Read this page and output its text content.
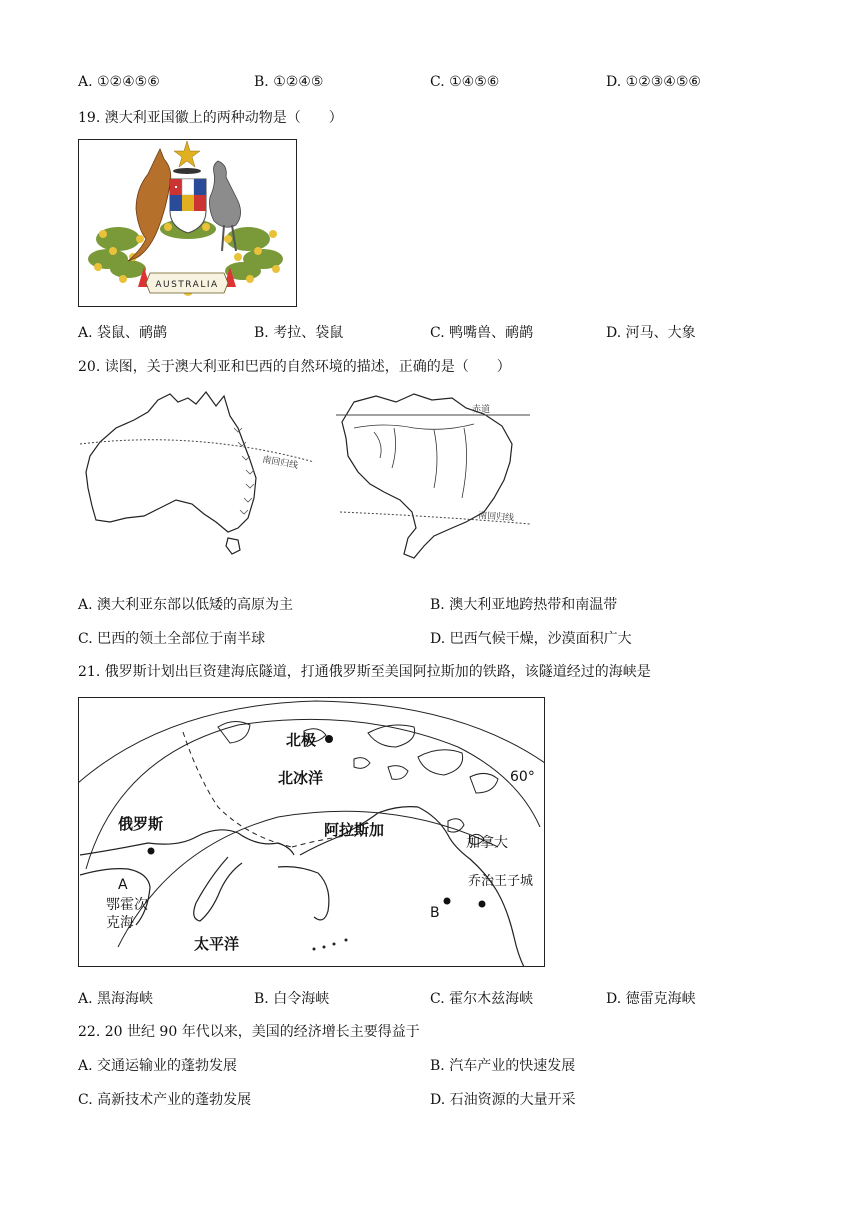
A. ①②④⑤⑥	B. ①②④⑤	C. ①④⑤⑥	D. ①②③④⑤⑥
19. 澳大利亚国徽上的两种动物是（　　）
AUSTRALIA
A. 袋鼠、鸸鹋	B. 考拉、袋鼠	C. 鸭嘴兽、鸸鹋	D. 河马、大象
20. 读图，关于澳大利亚和巴西的自然环境的描述，正确的是（　　）
南回归线
赤道
南回归线
A. 澳大利亚东部以低矮的高原为主	B. 澳大利亚地跨热带和南温带
C. 巴西的领土全部位于南半球	D. 巴西气候干燥，沙漠面积广大
21. 俄罗斯计划出巨资建海底隧道，打通俄罗斯至美国阿拉斯加的铁路，该隧道经过的海峡是
北极
北冰洋
俄罗斯	阿拉斯加
加拿大
乔治王子城
A
B
鄂霍次
克海
太平洋
60°
A. 黑海海峡	B. 白令海峡	C. 霍尔木兹海峡	D. 德雷克海峡
22. 20 世纪 90 年代以来，美国的经济增长主要得益于
A. 交通运输业的蓬勃发展	B. 汽车产业的快速发展
C. 高新技术产业的蓬勃发展	D. 石油资源的大量开采
